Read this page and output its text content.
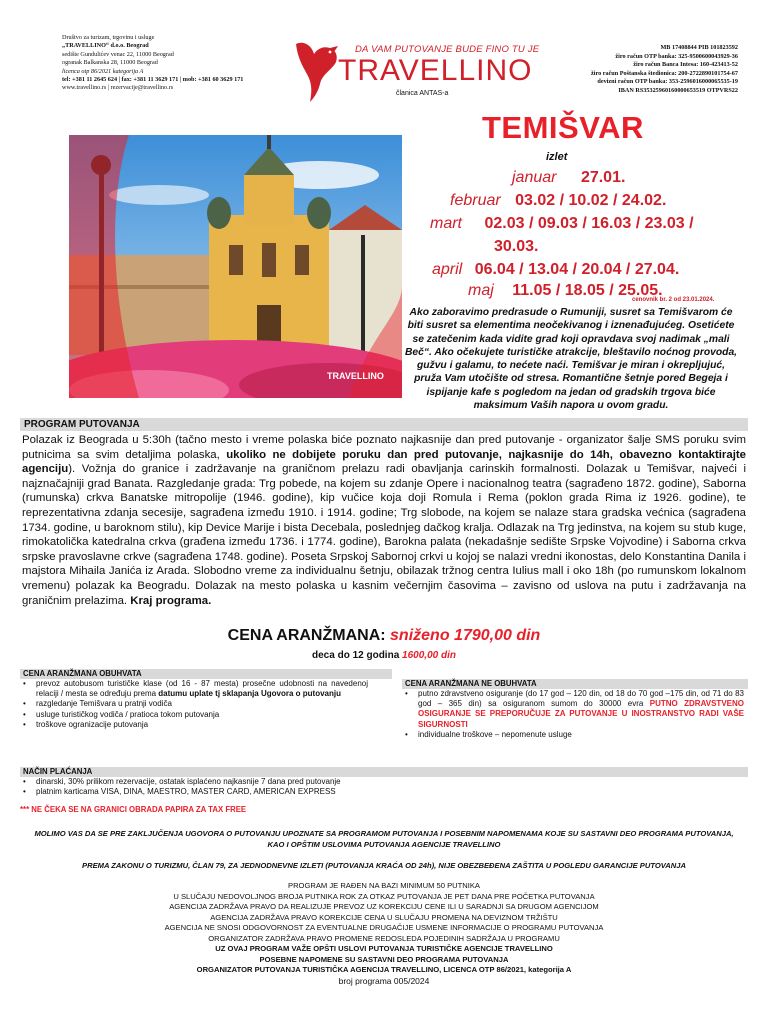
Društvo za turizam, trgovinu i usluge
„TRAVELLINO“ d.o.o. Beograd
sedište Gundulićev venac 22, 11000 Beograd
ogranak Balkanska 28, 11000 Beograd
licenca otp 86/2021 kategorija A
tel: +381 11 2645 624 | fax: +381 11 3629 171 | mob: +381 60 3629 171
www.travellino.rs | rezervacije@travellino.rs
DA VAM PUTOVANJE BUDE FINO TU JE
TRAVELLINO
članica ANTAS-a
MB 17408844 PIB 101823592
žiro račun OTP banka: 325-9500600043929-36
žiro račun Banca Intesa: 160-423413-52
žiro račun Poštanska štedionica: 200-2722890101754-67
devizni račun OTP banka: 353-2596016000065535-19
IBAN RS35325960160000653519 OTPVRS22
TRAVELLINO
TEMIŠVAR
izlet
januar 27.01.
februar 03.02 / 10.02 / 24.02.
mart 02.03 / 09.03 / 16.03 / 23.03 /
30.03.
april 06.04 / 13.04 / 20.04 / 27.04.
maj 11.05 / 18.05 / 25.05.
cenovnik br. 2 od 23.01.2024.
Ako zaboravimo predrasude o Rumuniji, susret sa Temišvarom će biti susret sa elementima neočekivanog i iznenađujućeg. Osetićete se zatečenim kada vidite grad koji opravdava svoj nadimak „mali Beč“. Ako očekujete turističke atrakcije, bleštavilo noćnog provoda, gužvu i galamu, to nećete naći. Temišvar je miran i okrepljujuć, pruža Vam utočište od stresa. Romantične šetnje pored Begeja i ispijanje kafe s pogledom na jedan od gradskih trgova biće maksimum Vaših napora u ovom gradu.
PROGRAM PUTOVANJA
Polazak iz Beograda u 5:30h (tačno mesto i vreme polaska biće poznato najkasnije dan pred putovanje - organizator šalje SMS poruku svim putnicima sa svim detaljima polaska, ukoliko ne dobijete poruku dan pred putovanje, najkasnije do 14h, obavezno kontaktirajte agenciju). Vožnja do granice i zadržavanje na graničnom prelazu radi obavljanja carinskih formalnosti. Dolazak u Temišvar, najveći i najznačajniji grad Banata. Razgledanje grada: Trg pobede, na kojem su zdanje Opere i nacionalnog teatra (sagrađeno 1872. godine), Saborna (rumunska) crkva Banatske mitropolije (1946. godine), kip vučice koja doji Romula i Rema (poklon grada Rima iz 1926. godine), te reprezentativna zdanja secesije, sagrađena između 1910. i 1914. godine; Trg slobode, na kojem se nalaze stara gradska većnica (sagrađena 1734. godine, u baroknom stilu), kip Device Marije i bista Decebala, poslednjeg dačkog kralja. Odlazak na Trg jedinstva, na kojem su stub kuge, rimokatolička katedralna crkva (građena između 1736. i 1774. godine), Barokna palata (nekadašnje sedište Srpske Vojvodine) i Saborna crkva srpske pravoslavne crkve (sagrađena 1748. godine). Poseta Srpskoj Sabornoj crkvi u kojoj se nalazi vredni ikonostas, delo Konstantina Danila i majstora Mihaila Janića iz Arada. Slobodno vreme za individualnu šetnju, obilazak tržnog centra Iulius mall i oko 18h (po rumunskom lokalnom vremenu) polazak ka Beogradu. Dolazak na mesto polaska u kasnim večernjim časovima – zavisno od uslova na putu i zadržavanja na graničnim prelazima. Kraj programa.
CENA ARANŽMANA: sniženo 1790,00 din
deca do 12 godina 1600,00 din
CENA ARANŽMANA OBUHVATA
• prevoz autobusom turističke klase (od 16 - 87 mesta) prosečne udobnosti na navedenoj relaciji / mesta se određuju prema datumu uplate tj sklapanja Ugovora o putovanju
• razgledanje Temišvara u pratnji vodiča
• usluge turističkog vodiča / pratioca tokom putovanja
• troškove ogranizacije putovanja
CENA ARANŽMANA NE OBUHVATA
• putno zdravstveno osiguranje (do 17 god – 120 din, od 18 do 70 god –175 din, od 71 do 83 god – 365 din) sa osiguranom sumom do 30000 evra PUTNO ZDRAVSTVENO OSIGURANJE SE PREPORUČUJE ZA PUTOVANJE U INOSTRANSTVO RADI VAŠE SIGURNOSTI
• individualne troškove – nepomenute usluge
NAČIN PLAĆANJA
• dinarski, 30% prilikom rezervacije, ostatak isplaćeno najkasnije 7 dana pred putovanje
• platnim karticama VISA, DINA, MAESTRO, MASTER CARD, AMERICAN EXPRESS
*** NE ČEKA SE NA GRANICI OBRADA PAPIRA ZA TAX FREE
MOLIMO VAS DA SE PRE ZAKLJUČENJA UGOVORA O PUTOVANJU UPOZNATE SA PROGRAMOM PUTOVANJA I POSEBNIM NAPOMENAMA KOJE SU SASTAVNI DEO PROGRAMA PUTOVANJA, KAO I OPŠTIM USLOVIMA PUTOVANJA AGENCIJE TRAVELLINO
PREMA ZAKONU O TURIZMU, ČLAN 79, ZA JEDNODNEVNE IZLETI (PUTOVANJA KRAĆA OD 24h), NIJE OBEZBEĐENA ZAŠTITA U POGLEDU GARANCIJE PUTOVANJA
PROGRAM JE RAĐEN NA BAZI MINIMUM 50 PUTNIKA
U SLUČAJU NEDOVOLJNOG BROJA PUTNIKA ROK ZA OTKAZ PUTOVANJA JE PET DANA PRE POČETKA PUTOVANJA
AGENCIJA ZADRŽAVA PRAVO DA REALIZUJE PREVOZ UZ KOREKCIJU CENE ILI U SARADNJI SA DRUGOM AGENCIJOM
AGENCIJA ZADRŽAVA PRAVO KOREKCIJE CENA U SLUČAJU PROMENA NA DEVIZNOM TRŽIŠTU
AGENCIJA NE SNOSI ODGOVORNOST ZA EVENTUALNE DRUGAČIJE USMENE INFORMACIJE O PROGRAMU PUTOVANJA
ORGANIZATOR ZADRŽAVA PRAVO PROMENE REDOSLEDA POJEDINIH SADRŽAJA U PROGRAMU
UZ OVAJ PROGRAM VAŽE OPŠTI USLOVI PUTOVANJA TURISTIČKE AGENCIJE TRAVELLINO
POSEBNE NAPOMENE SU SASTAVNI DEO PROGRAMA PUTOVANJA
ORGANIZATOR PUTOVANJA TURISTIČKA AGENCIJA TRAVELLINO, LICENCA OTP 86/2021, kategorija A
broj programa 005/2024
